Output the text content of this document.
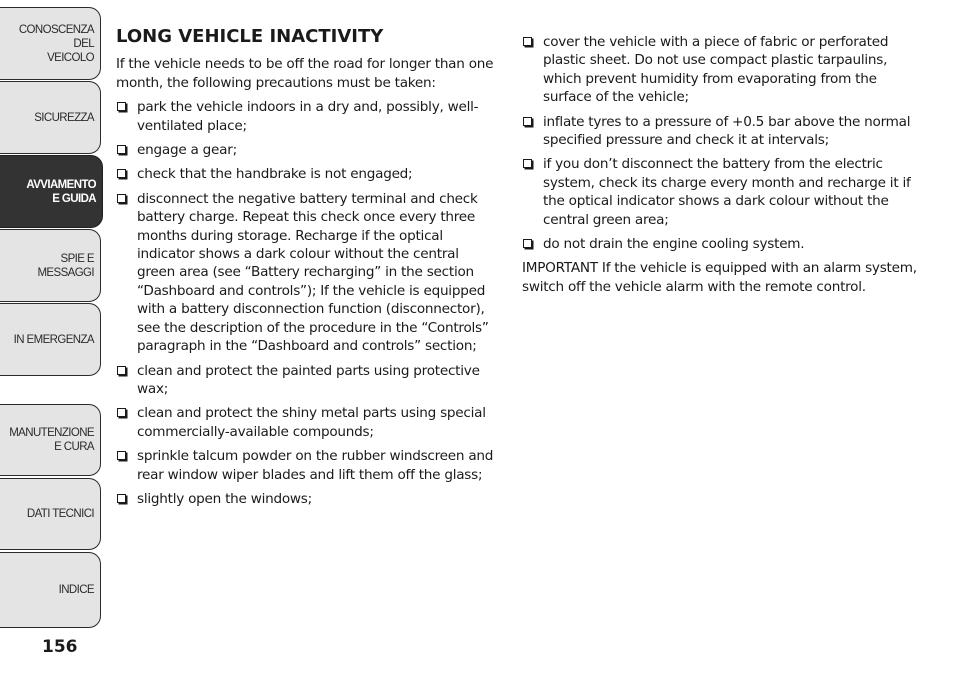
CONOSCENZA
DEL
VEICOLO
SICUREZZA
AVVIAMENTO
E GUIDA
SPIE E
MESSAGGI
IN EMERGENZA
MANUTENZIONE
E CURA
DATI TECNICI
INDICE
156
LONG VEHICLE INACTIVITY

If the vehicle needs to be off the road for longer than one month, the following precautions must be taken:

park the vehicle indoors in a dry and, possibly, well-ventilated place;
engage a gear;
check that the handbrake is not engaged;
disconnect the negative battery terminal and check battery charge. Repeat this check once every three months during storage. Recharge if the optical indicator shows a dark colour without the central green area (see “Battery recharging” in the section “Dashboard and controls”); If the vehicle is equipped with a battery disconnection function (disconnector), see the description of the procedure in the “Controls” paragraph in the “Dashboard and controls” section;
clean and protect the painted parts using protective wax;
clean and protect the shiny metal parts using special commercially-available compounds;
sprinkle talcum powder on the rubber windscreen and rear window wiper blades and lift them off the glass;
slightly open the windows;
cover the vehicle with a piece of fabric or perforated plastic sheet. Do not use compact plastic tarpaulins, which prevent humidity from evaporating from the surface of the vehicle;
inflate tyres to a pressure of +0.5 bar above the normal specified pressure and check it at intervals;
if you don’t disconnect the battery from the electric system, check its charge every month and recharge it if the optical indicator shows a dark colour without the central green area;
do not drain the engine cooling system.

IMPORTANT If the vehicle is equipped with an alarm system, switch off the vehicle alarm with the remote control.
